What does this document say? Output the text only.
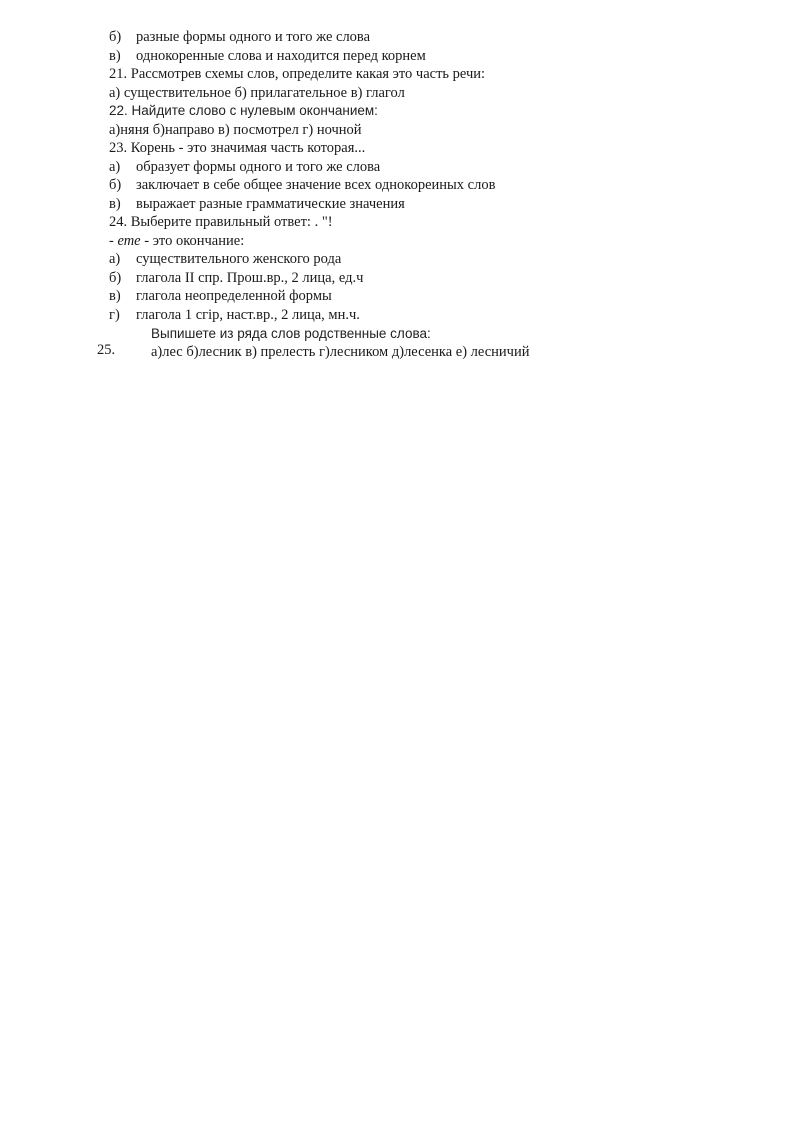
б) разные формы одного и того же слова
в) однокоренные слова и находится перед корнем
21. Рассмотрев схемы слов, определите какая это часть речи:
а) существительное б) прилагательное в) глагол
22. Найдите слово с нулевым окончанием:
а)няня б)направо в) посмотрел г) ночной
23. Корень - это значимая часть которая...
а) образует формы одного и того же слова
б) заключает в себе общее значение всех однокореиных слов
в) выражает разные грамматические значения
24. Выберите правильный ответ: . "!
- ете - это окончание:
а) существительного женского рода
б) глагола II спр. Прош.вр., 2 лица, ед.ч
в) глагола неопределенной формы
г) глагола 1 cгip, наст.вр., 2 лица, мн.ч.
25.
Выпишете из ряда слов родственные слова:
а)лес б)лесник в) прелесть г)лесником д)лесенка е) лесничий
